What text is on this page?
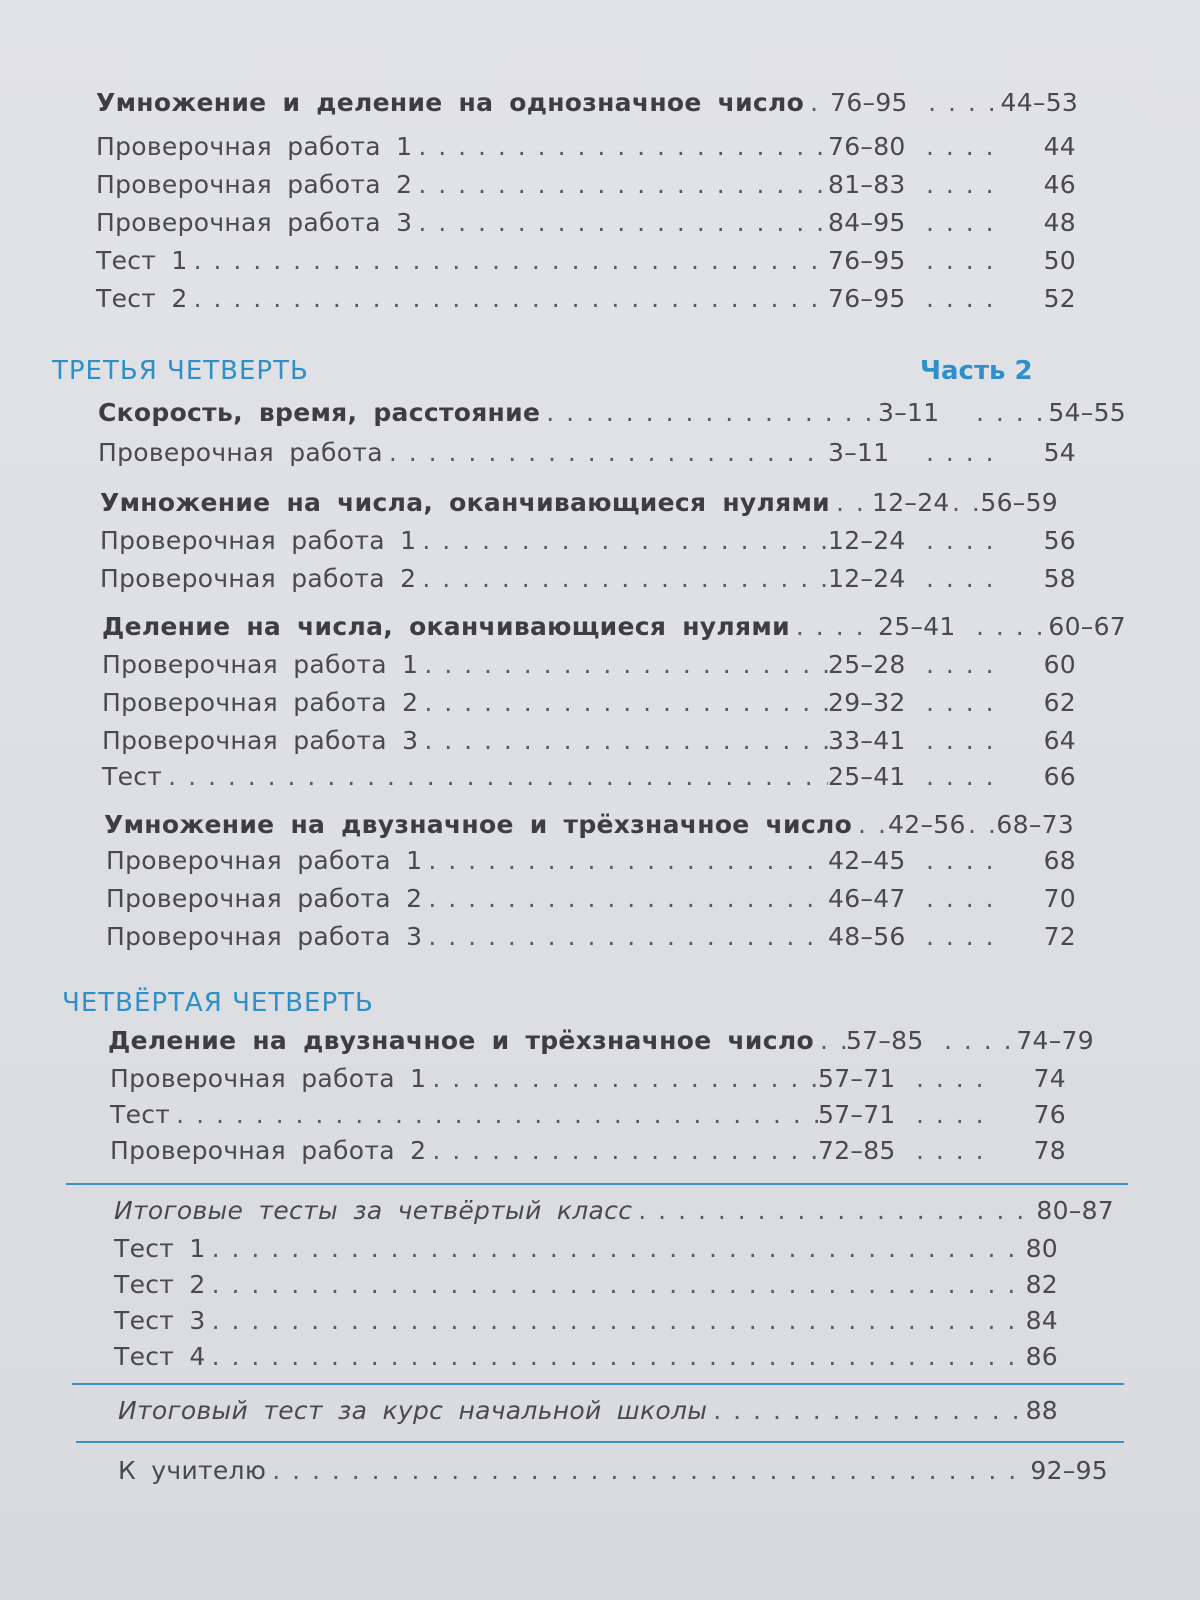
Умножение и деление на однозначное число . . . 76–95 . . .	44–53
Проверочная работа 1 . . .	76–80 . . .	44
Проверочная работа 2 . . .	81–83 . . .	46
Проверочная работа 3 . . .	84–95 . . .	48
Тест 1 . . .	76–95 . . .	50
Тест 2 . . .	76–95 . . .	52
ТРЕТЬЯ ЧЕТВЕРТЬ	Часть 2
Скорость, время, расстояние . . .	3–11 . . .	54–55
Проверочная работа . . .	3–11 . . .	54
Умножение на числа, оканчивающиеся нулями . . . 12–24 . . . 56–59
Проверочная работа 1 . . .	12–24 . . .	56
Проверочная работа 2 . . .	12–24 . . .	58
Деление на числа, оканчивающиеся нулями . . .	25–41 . . .	60–67
Проверочная работа 1 . . .	25–28 . . .	60
Проверочная работа 2 . . .	29–32 . . .	62
Проверочная работа 3 . . .	33–41 . . .	64
Тест . . .	25–41 . . .	66
Умножение на двузначное и трёхзначное число . . . 42–56 . . . 68–73
Проверочная работа 1 . . .	42–45 . . .	68
Проверочная работа 2 . . .	46–47 . . .	70
Проверочная работа 3 . . .	48–56 . . .	72
ЧЕТВЁРТАЯ ЧЕТВЕРТЬ
Деление на двузначное и трёхзначное число . . . 57–85 . . .	74–79
Проверочная работа 1 . . .	57–71 . . .	74
Тест . . .	57–71 . . .	76
Проверочная работа 2 . . .	72–85 . . .	78
Итоговые тесты за четвёртый класс . . .	80–87
Тест 1 . . .	80
Тест 2 . . .	82
Тест 3 . . .	84
Тест 4 . . .	86
Итоговый тест за курс начальной школы . . .	88
К учителю . . .	92–95
